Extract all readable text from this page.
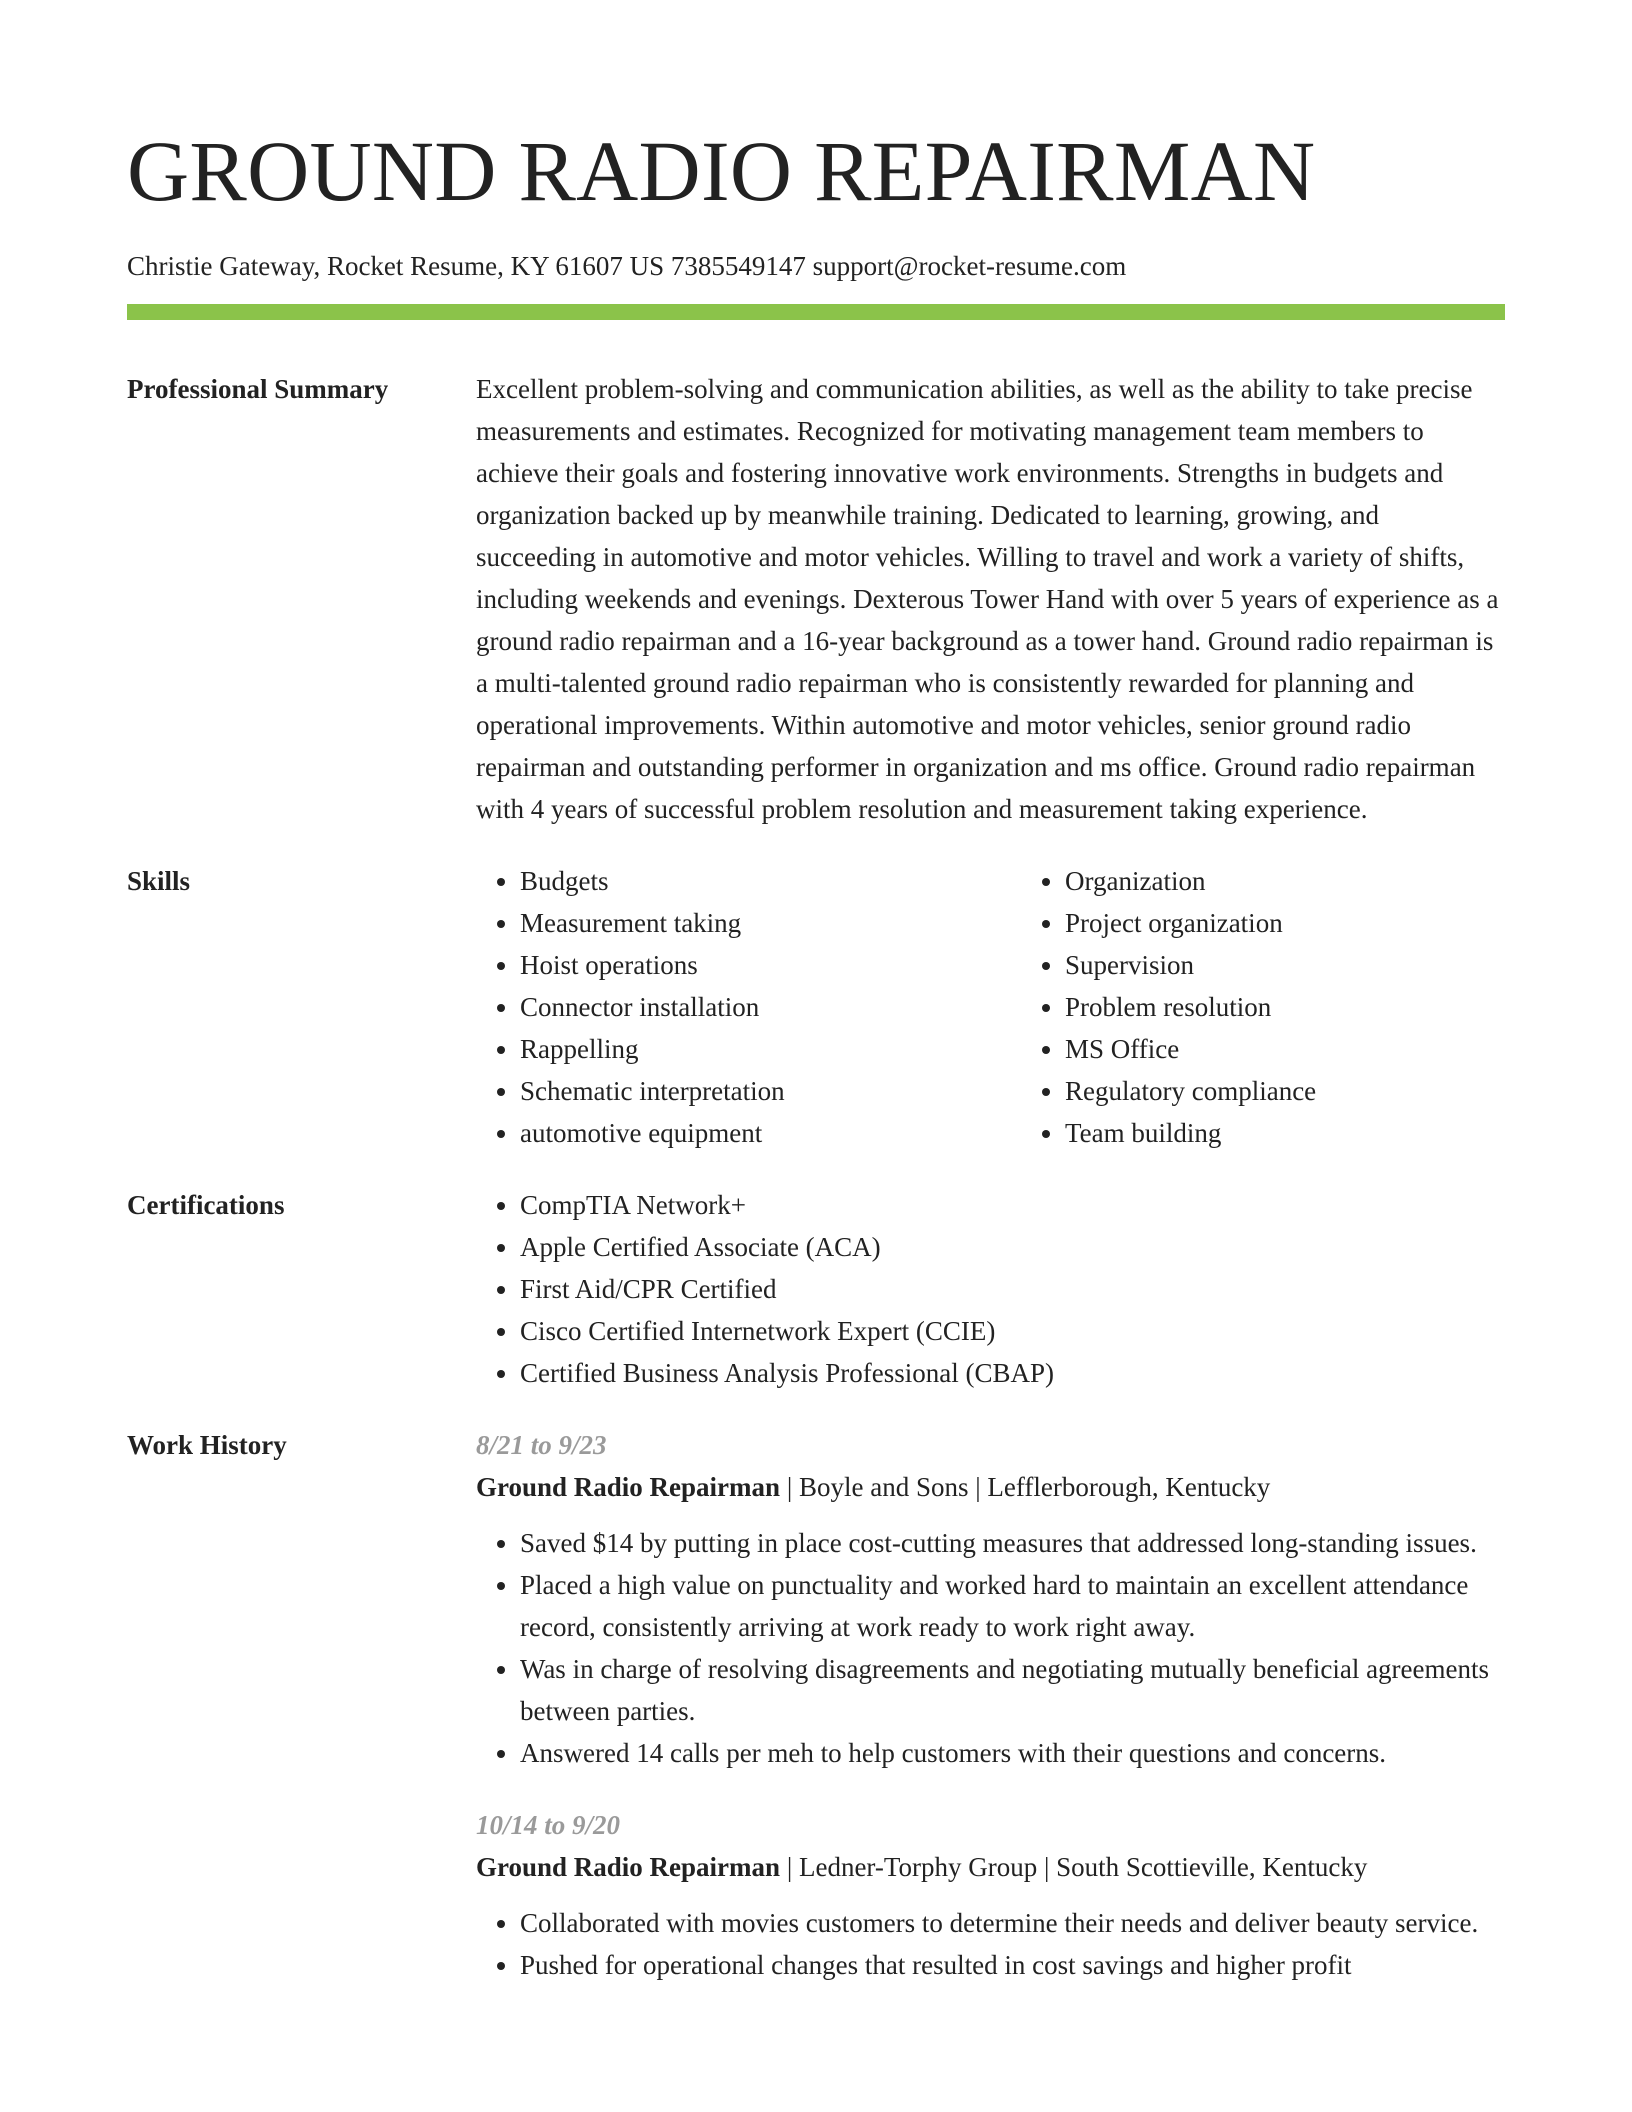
GROUND RADIO REPAIRMAN
Christie Gateway, Rocket Resume, KY 61607 US 7385549147 support@rocket-resume.com
Professional Summary	Excellent problem-solving and communication abilities, as well as the ability to take precise measurements and estimates. Recognized for motivating management team members to achieve their goals and fostering innovative work environments. Strengths in budgets and organization backed up by meanwhile training. Dedicated to learning, growing, and succeeding in automotive and motor vehicles. Willing to travel and work a variety of shifts, including weekends and evenings. Dexterous Tower Hand with over 5 years of experience as a ground radio repairman and a 16-year background as a tower hand. Ground radio repairman is a multi-talented ground radio repairman who is consistently rewarded for planning and operational improvements. Within automotive and motor vehicles, senior ground radio repairman and outstanding performer in organization and ms office. Ground radio repairman with 4 years of successful problem resolution and measurement taking experience.

Skills	• Budgets
• Measurement taking
• Hoist operations
• Connector installation
• Rappelling
• Schematic interpretation
• automotive equipment
• Organization
• Project organization
• Supervision
• Problem resolution
• MS Office
• Regulatory compliance
• Team building
Certifications	• CompTIA Network+
• Apple Certified Associate (ACA)
• First Aid/CPR Certified
• Cisco Certified Internetwork Expert (CCIE)
• Certified Business Analysis Professional (CBAP)
Work History	8/21 to 9/23
Ground Radio Repairman | Boyle and Sons | Lefflerborough, Kentucky
• Saved $14 by putting in place cost-cutting measures that addressed long-standing issues.
• Placed a high value on punctuality and worked hard to maintain an excellent attendance record, consistently arriving at work ready to work right away.
• Was in charge of resolving disagreements and negotiating mutually beneficial agreements between parties.
• Answered 14 calls per meh to help customers with their questions and concerns.
10/14 to 9/20
Ground Radio Repairman | Ledner-Torphy Group | South Scottieville, Kentucky
• Collaborated with movies customers to determine their needs and deliver beauty service.
• Pushed for operational changes that resulted in cost savings and higher profit
